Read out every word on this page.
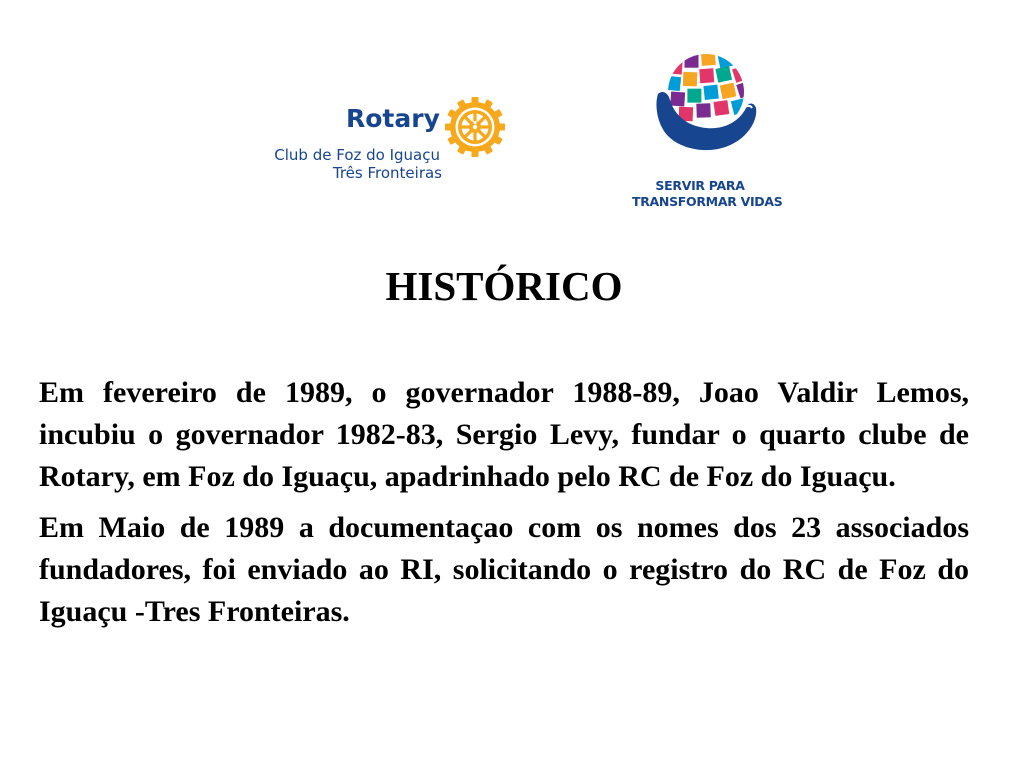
Rotary
Club de Foz do Iguaçu
Três Fronteiras
SERVIR PARA
TRANSFORMAR VIDAS
HISTÓRICO

Em fevereiro de 1989, o governador 1988-89, Joao Valdir Lemos, incubiu o governador 1982-83, Sergio Levy, fundar o quarto clube de Rotary, em Foz do Iguaçu, apadrinhado pelo RC de Foz do Iguaçu.

Em Maio de 1989 a documentaçao com os nomes dos 23 associados fundadores, foi enviado ao RI, solicitando o registro do RC de Foz do Iguaçu -Tres Fronteiras.
